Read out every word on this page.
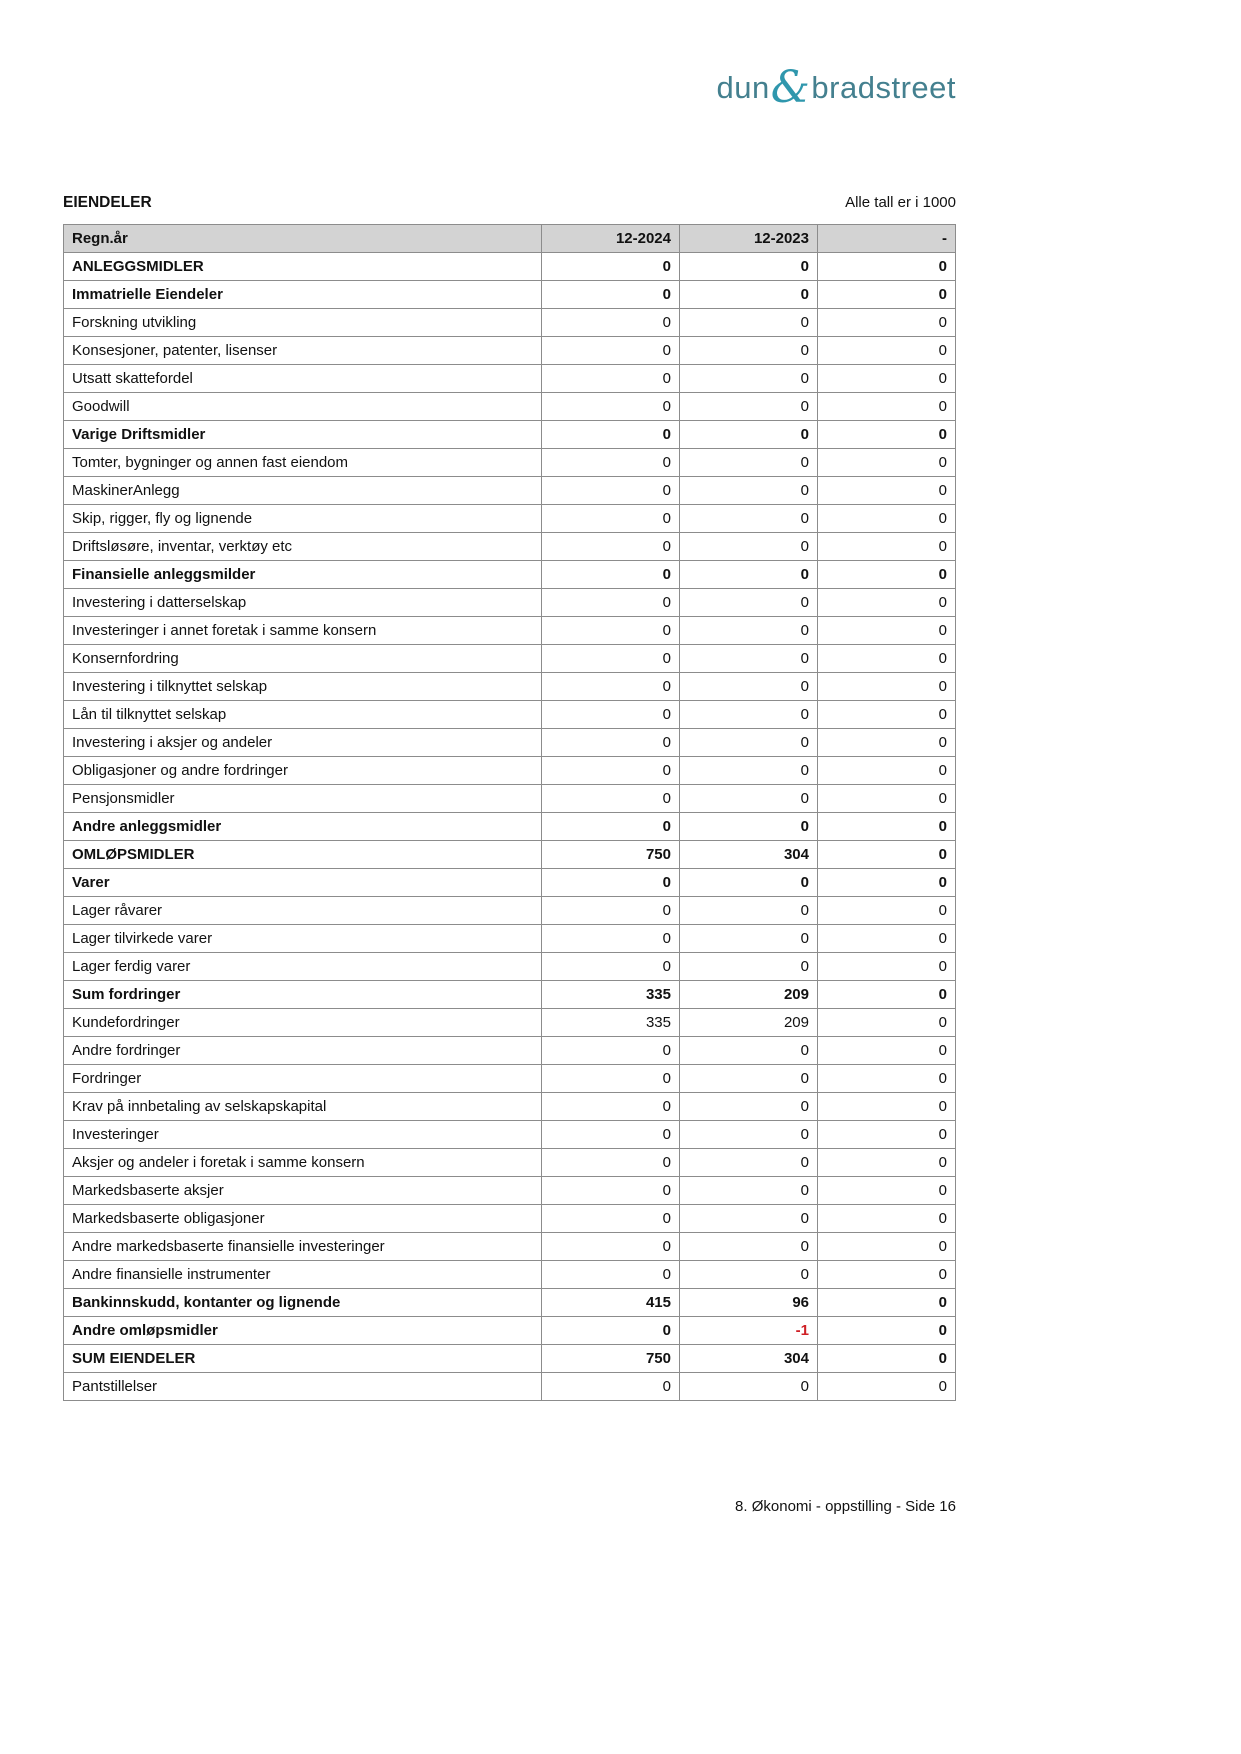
dun & bradstreet
EIENDELER	Alle tall er i 1000
Regn.år	12-2024	12-2023	-
ANLEGGSMIDLER	0	0	0
Immatrielle Eiendeler	0	0	0
Forskning utvikling	0	0	0
Konsesjoner, patenter, lisenser	0	0	0
Utsatt skattefordel	0	0	0
Goodwill	0	0	0
Varige Driftsmidler	0	0	0
Tomter, bygninger og annen fast eiendom	0	0	0
MaskinerAnlegg	0	0	0
Skip, rigger, fly og lignende	0	0	0
Driftsløsøre, inventar, verktøy etc	0	0	0
Finansielle anleggsmilder	0	0	0
Investering i datterselskap	0	0	0
Investeringer i annet foretak i samme konsern	0	0	0
Konsernfordring	0	0	0
Investering i tilknyttet selskap	0	0	0
Lån til tilknyttet selskap	0	0	0
Investering i aksjer og andeler	0	0	0
Obligasjoner og andre fordringer	0	0	0
Pensjonsmidler	0	0	0
Andre anleggsmidler	0	0	0
OMLØPSMIDLER	750	304	0
Varer	0	0	0
Lager råvarer	0	0	0
Lager tilvirkede varer	0	0	0
Lager ferdig varer	0	0	0
Sum fordringer	335	209	0
Kundefordringer	335	209	0
Andre fordringer	0	0	0
Fordringer	0	0	0
Krav på innbetaling av selskapskapital	0	0	0
Investeringer	0	0	0
Aksjer og andeler i foretak i samme konsern	0	0	0
Markedsbaserte aksjer	0	0	0
Markedsbaserte obligasjoner	0	0	0
Andre markedsbaserte finansielle investeringer	0	0	0
Andre finansielle instrumenter	0	0	0
Bankinnskudd, kontanter og lignende	415	96	0
Andre omløpsmidler	0	-1	0
SUM EIENDELER	750	304	0
Pantstillelser	0	0	0
8. Økonomi - oppstilling - Side 16
